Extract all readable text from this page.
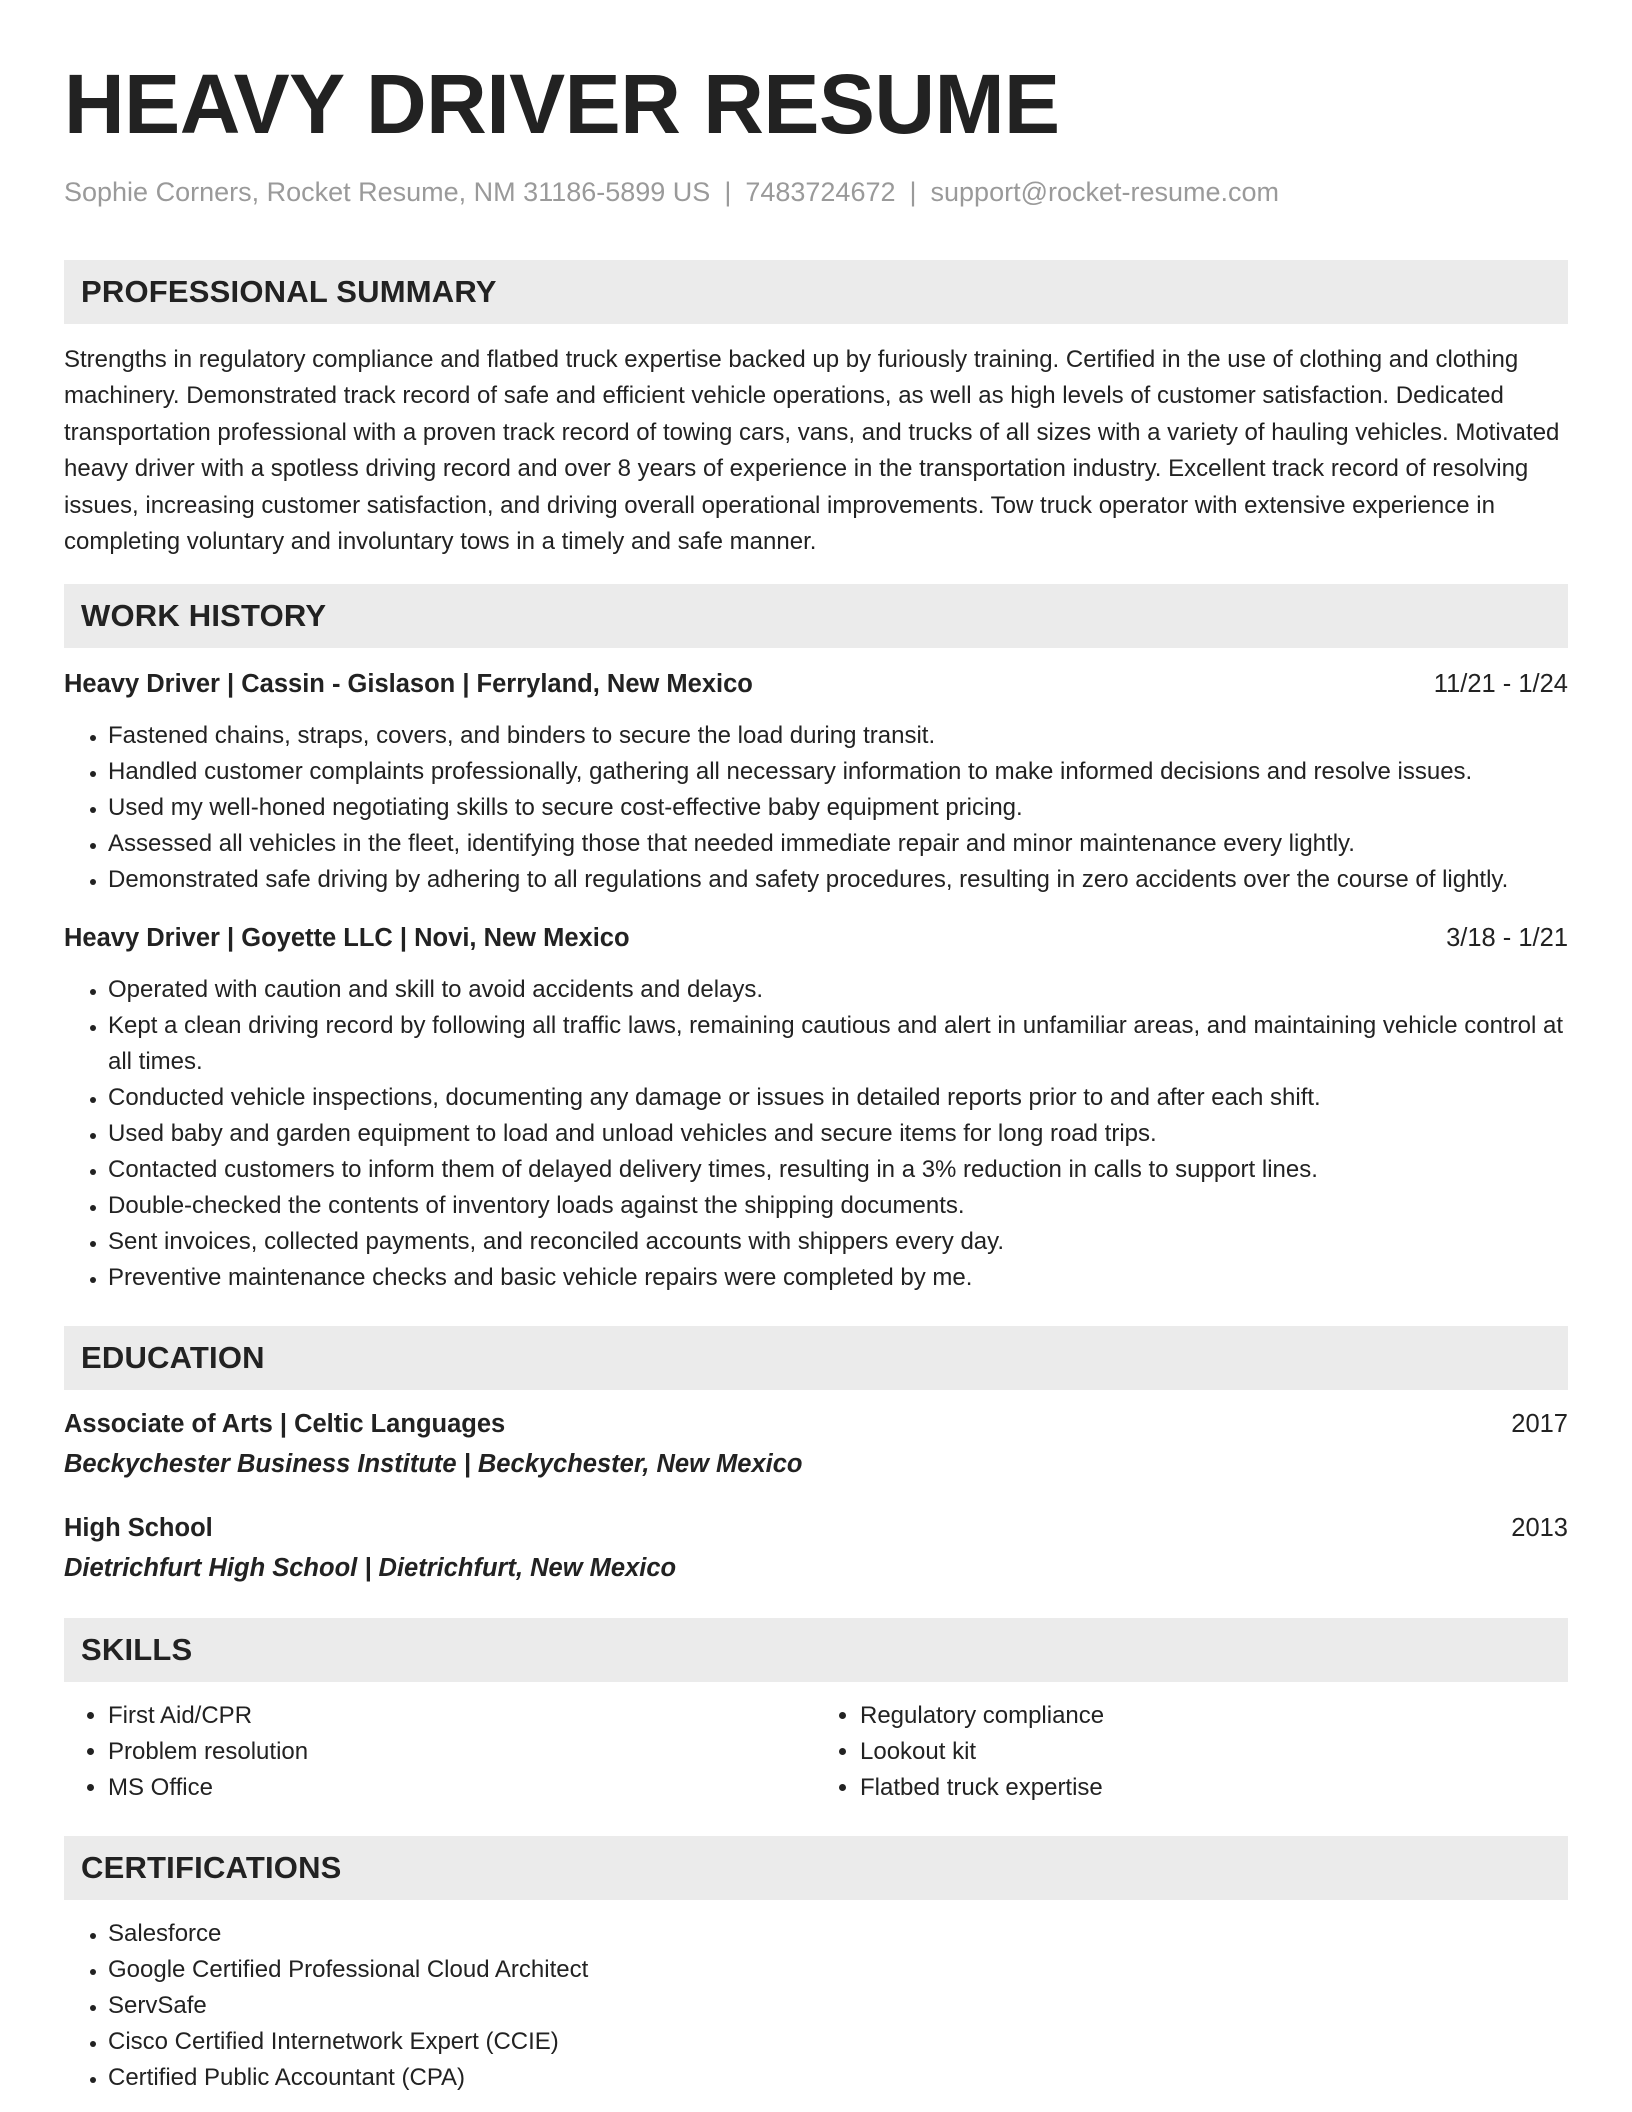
HEAVY DRIVER RESUME
Sophie Corners, Rocket Resume, NM 31186-5899 US | 7483724672 | support@rocket-resume.com
PROFESSIONAL SUMMARY

Strengths in regulatory compliance and flatbed truck expertise backed up by furiously training. Certified in the use of clothing and clothing machinery. Demonstrated track record of safe and efficient vehicle operations, as well as high levels of customer satisfaction. Dedicated transportation professional with a proven track record of towing cars, vans, and trucks of all sizes with a variety of hauling vehicles. Motivated heavy driver with a spotless driving record and over 8 years of experience in the transportation industry. Excellent track record of resolving issues, increasing customer satisfaction, and driving overall operational improvements. Tow truck operator with extensive experience in completing voluntary and involuntary tows in a timely and safe manner.

WORK HISTORY
Heavy Driver | Cassin - Gislason | Ferryland, New Mexico	11/21 - 1/24
• Fastened chains, straps, covers, and binders to secure the load during transit.
• Handled customer complaints professionally, gathering all necessary information to make informed decisions and resolve issues.
• Used my well-honed negotiating skills to secure cost-effective baby equipment pricing.
• Assessed all vehicles in the fleet, identifying those that needed immediate repair and minor maintenance every lightly.
• Demonstrated safe driving by adhering to all regulations and safety procedures, resulting in zero accidents over the course of lightly.
Heavy Driver | Goyette LLC | Novi, New Mexico	3/18 - 1/21
• Operated with caution and skill to avoid accidents and delays.
• Kept a clean driving record by following all traffic laws, remaining cautious and alert in unfamiliar areas, and maintaining vehicle control at all times.
• Conducted vehicle inspections, documenting any damage or issues in detailed reports prior to and after each shift.
• Used baby and garden equipment to load and unload vehicles and secure items for long road trips.
• Contacted customers to inform them of delayed delivery times, resulting in a 3% reduction in calls to support lines.
• Double-checked the contents of inventory loads against the shipping documents.
• Sent invoices, collected payments, and reconciled accounts with shippers every day.
• Preventive maintenance checks and basic vehicle repairs were completed by me.
EDUCATION
Associate of Arts | Celtic Languages	2017
Beckychester Business Institute | Beckychester, New Mexico
High School	2013
Dietrichfurt High School | Dietrichfurt, New Mexico
SKILLS
• First Aid/CPR
• Problem resolution
• MS Office
• Regulatory compliance
• Lookout kit
• Flatbed truck expertise
CERTIFICATIONS
• Salesforce
• Google Certified Professional Cloud Architect
• ServSafe
• Cisco Certified Internetwork Expert (CCIE)
• Certified Public Accountant (CPA)
